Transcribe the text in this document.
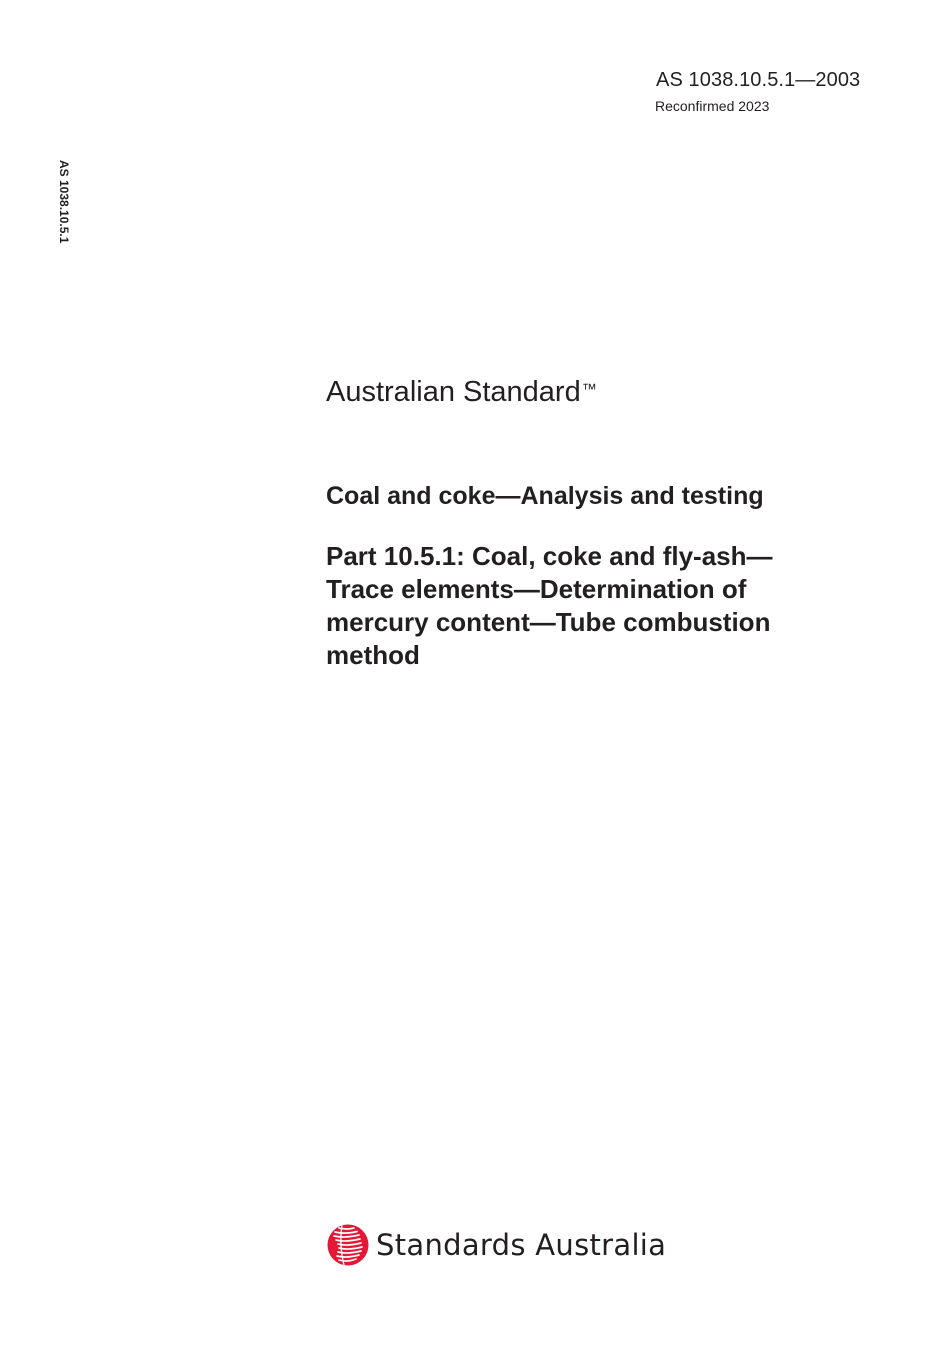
AS 1038.10.5.1—2003
Reconfirmed 2023
AS 1038.10.5.1
Australian Standard™
Coal and coke—Analysis and testing
Part 10.5.1: Coal, coke and fly-ash—
Trace elements—Determination of
mercury content—Tube combustion
method
Standards Australia
